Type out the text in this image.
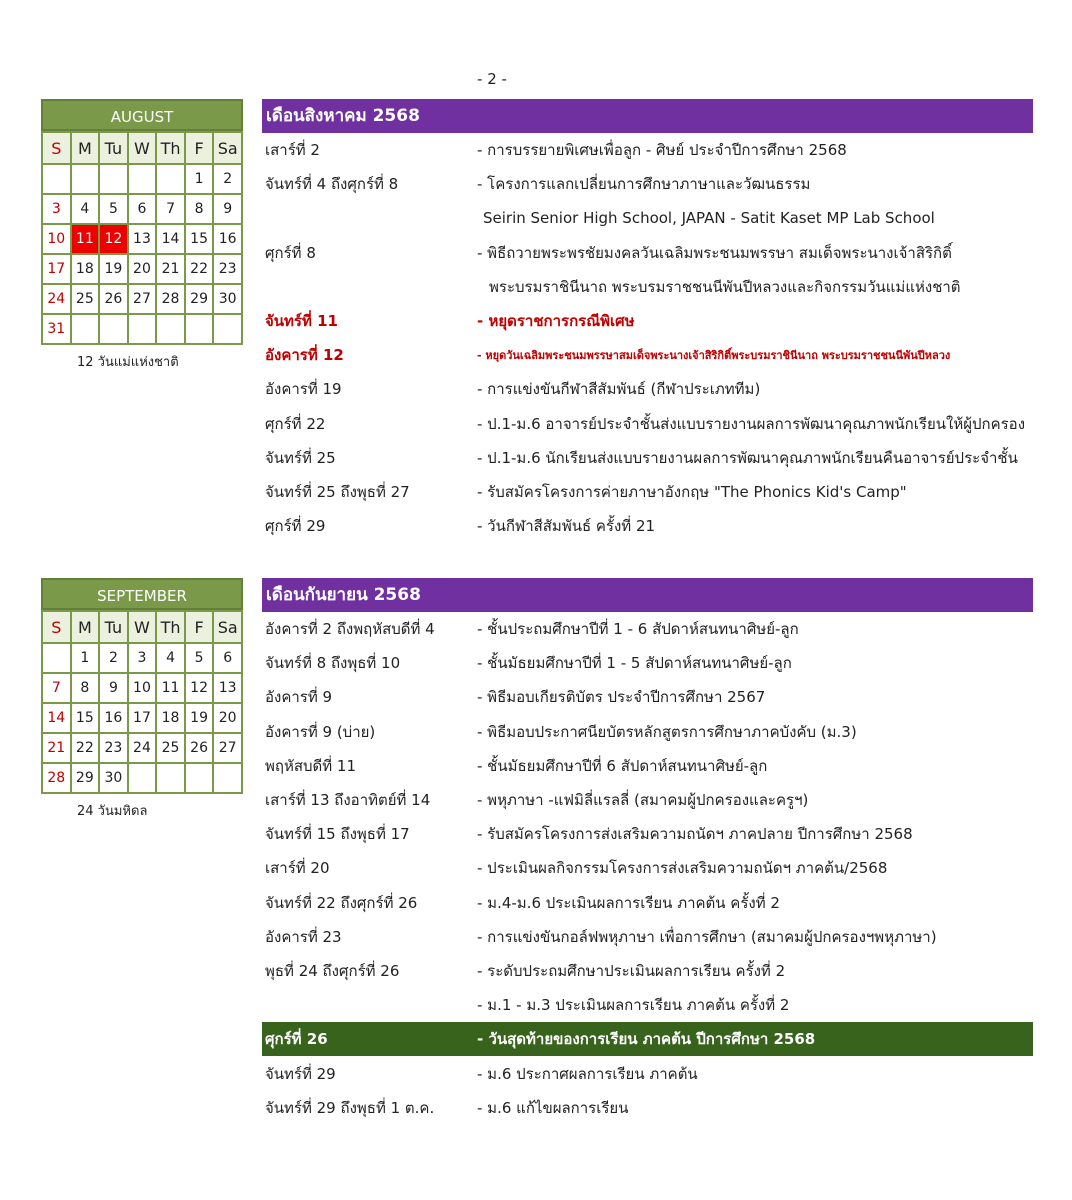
- 2 -
AUGUST
S	M	Tu	W	Th	F	Sa
					1	2
3	4	5	6	7	8	9
10	11	12	13	14	15	16
17	18	19	20	21	22	23
24	25	26	27	28	29	30
31						
12 วันแม่แห่งชาติ
SEPTEMBER
S	M	Tu	W	Th	F	Sa
	1	2	3	4	5	6
7	8	9	10	11	12	13
14	15	16	17	18	19	20
21	22	23	24	25	26	27
28	29	30				
24 วันมหิดล
เดือนสิงหาคม 2568
เสาร์ที่ 2	- การบรรยายพิเศษเพื่อลูก - ศิษย์ ประจำปีการศึกษา 2568
จันทร์ที่ 4 ถึงศุกร์ที่ 8	- โครงการแลกเปลี่ยนการศึกษาภาษาและวัฒนธรรม
Seirin Senior High School, JAPAN - Satit Kaset MP Lab School
ศุกร์ที่ 8	- พิธีถวายพระพรชัยมงคลวันเฉลิมพระชนมพรรษา สมเด็จพระนางเจ้าสิริกิติ์
พระบรมราชินีนาถ พระบรมราชชนนีพันปีหลวงและกิจกรรมวันแม่แห่งชาติ
จันทร์ที่ 11	- หยุดราชการกรณีพิเศษ
อังคารที่ 12	- หยุดวันเฉลิมพระชนมพรรษาสมเด็จพระนางเจ้าสิริกิติ์พระบรมราชินีนาถ พระบรมราชชนนีพันปีหลวง
อังคารที่ 19	- การแข่งขันกีฬาสีสัมพันธ์ (กีฬาประเภททีม)
ศุกร์ที่ 22	- ป.1-ม.6 อาจารย์ประจำชั้นส่งแบบรายงานผลการพัฒนาคุณภาพนักเรียนให้ผู้ปกครอง
จันทร์ที่ 25	- ป.1-ม.6 นักเรียนส่งแบบรายงานผลการพัฒนาคุณภาพนักเรียนคืนอาจารย์ประจำชั้น
จันทร์ที่ 25 ถึงพุธที่ 27	- รับสมัครโครงการค่ายภาษาอังกฤษ "The Phonics Kid's Camp"
ศุกร์ที่ 29	- วันกีฬาสีสัมพันธ์ ครั้งที่ 21
เดือนกันยายน 2568
อังคารที่ 2 ถึงพฤหัสบดีที่ 4	- ชั้นประถมศึกษาปีที่ 1 - 6 สัปดาห์สนทนาศิษย์-ลูก
จันทร์ที่ 8 ถึงพุธที่ 10	- ชั้นมัธยมศึกษาปีที่ 1 - 5 สัปดาห์สนทนาศิษย์-ลูก
อังคารที่ 9	- พิธีมอบเกียรติบัตร ประจำปีการศึกษา 2567
อังคารที่ 9 (บ่าย)	- พิธีมอบประกาศนียบัตรหลักสูตรการศึกษาภาคบังคับ (ม.3)
พฤหัสบดีที่ 11	- ชั้นมัธยมศึกษาปีที่ 6 สัปดาห์สนทนาศิษย์-ลูก
เสาร์ที่ 13 ถึงอาทิตย์ที่ 14	- พหุภาษา -แฟมิลี่แรลลี่ (สมาคมผู้ปกครองและครูฯ)
จันทร์ที่ 15 ถึงพุธที่ 17	- รับสมัครโครงการส่งเสริมความถนัดฯ ภาคปลาย ปีการศึกษา 2568
เสาร์ที่ 20	- ประเมินผลกิจกรรมโครงการส่งเสริมความถนัดฯ ภาคต้น/2568
จันทร์ที่ 22 ถึงศุกร์ที่ 26	- ม.4-ม.6 ประเมินผลการเรียน ภาคต้น ครั้งที่ 2
อังคารที่ 23	- การแข่งขันกอล์ฟพหุภาษา เพื่อการศึกษา (สมาคมผู้ปกครองฯพหุภาษา)
พุธที่ 24 ถึงศุกร์ที่ 26	- ระดับประถมศึกษาประเมินผลการเรียน ครั้งที่ 2
- ม.1 - ม.3 ประเมินผลการเรียน ภาคต้น ครั้งที่ 2
ศุกร์ที่ 26	- วันสุดท้ายของการเรียน ภาคต้น ปีการศึกษา 2568
จันทร์ที่ 29	- ม.6 ประกาศผลการเรียน ภาคต้น
จันทร์ที่ 29 ถึงพุธที่ 1 ต.ค.	- ม.6 แก้ไขผลการเรียน
